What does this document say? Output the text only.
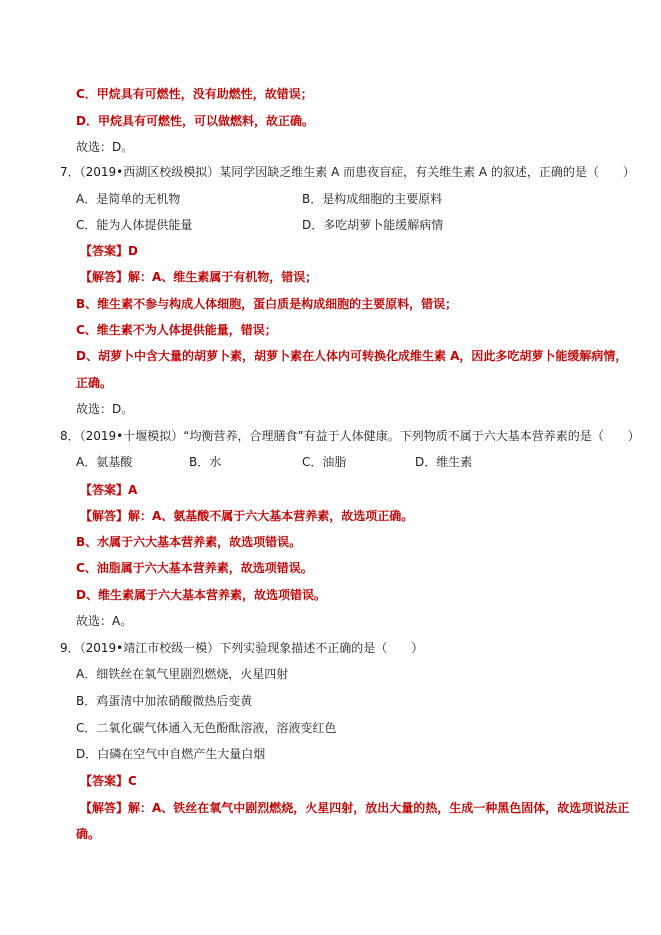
C．甲烷具有可燃性，没有助燃性，故错误；
D．甲烷具有可燃性，可以做燃料，故正确。
故选：D。
7．（2019•西湖区校级模拟）某同学因缺乏维生素 A 而患夜盲症，有关维生素 A 的叙述，正确的是（　　）
A．是简单的无机物	B．是构成细胞的主要原料
C．能为人体提供能量	D．多吃胡萝卜能缓解病情
【答案】D
【解答】解：A、维生素属于有机物，错误；
B、维生素不参与构成人体细胞，蛋白质是构成细胞的主要原料，错误；
C、维生素不为人体提供能量，错误；
D、胡萝卜中含大量的胡萝卜素，胡萝卜素在人体内可转换化成维生素 A，因此多吃胡萝卜能缓解病情，
正确。
故选：D。
8．（2019•十堰模拟）“均衡营养，合理膳食”有益于人体健康。下列物质不属于六大基本营养素的是（　　）
A．氨基酸	B．水	C．油脂	D．维生素
【答案】A
【解答】解：A、氨基酸不属于六大基本营养素，故选项正确。
B、水属于六大基本营养素，故选项错误。
C、油脂属于六大基本营养素，故选项错误。
D、维生素属于六大基本营养素，故选项错误。
故选：A。
9．（2019•靖江市校级一模）下列实验现象描述不正确的是（　　）
A．细铁丝在氧气里剧烈燃烧，火星四射
B．鸡蛋清中加浓硝酸微热后变黄
C．二氧化碳气体通入无色酚酞溶液，溶液变红色
D．白磷在空气中自燃产生大量白烟
【答案】C
【解答】解：A、铁丝在氧气中剧烈燃烧，火星四射，放出大量的热，生成一种黑色固体，故选项说法正
确。
